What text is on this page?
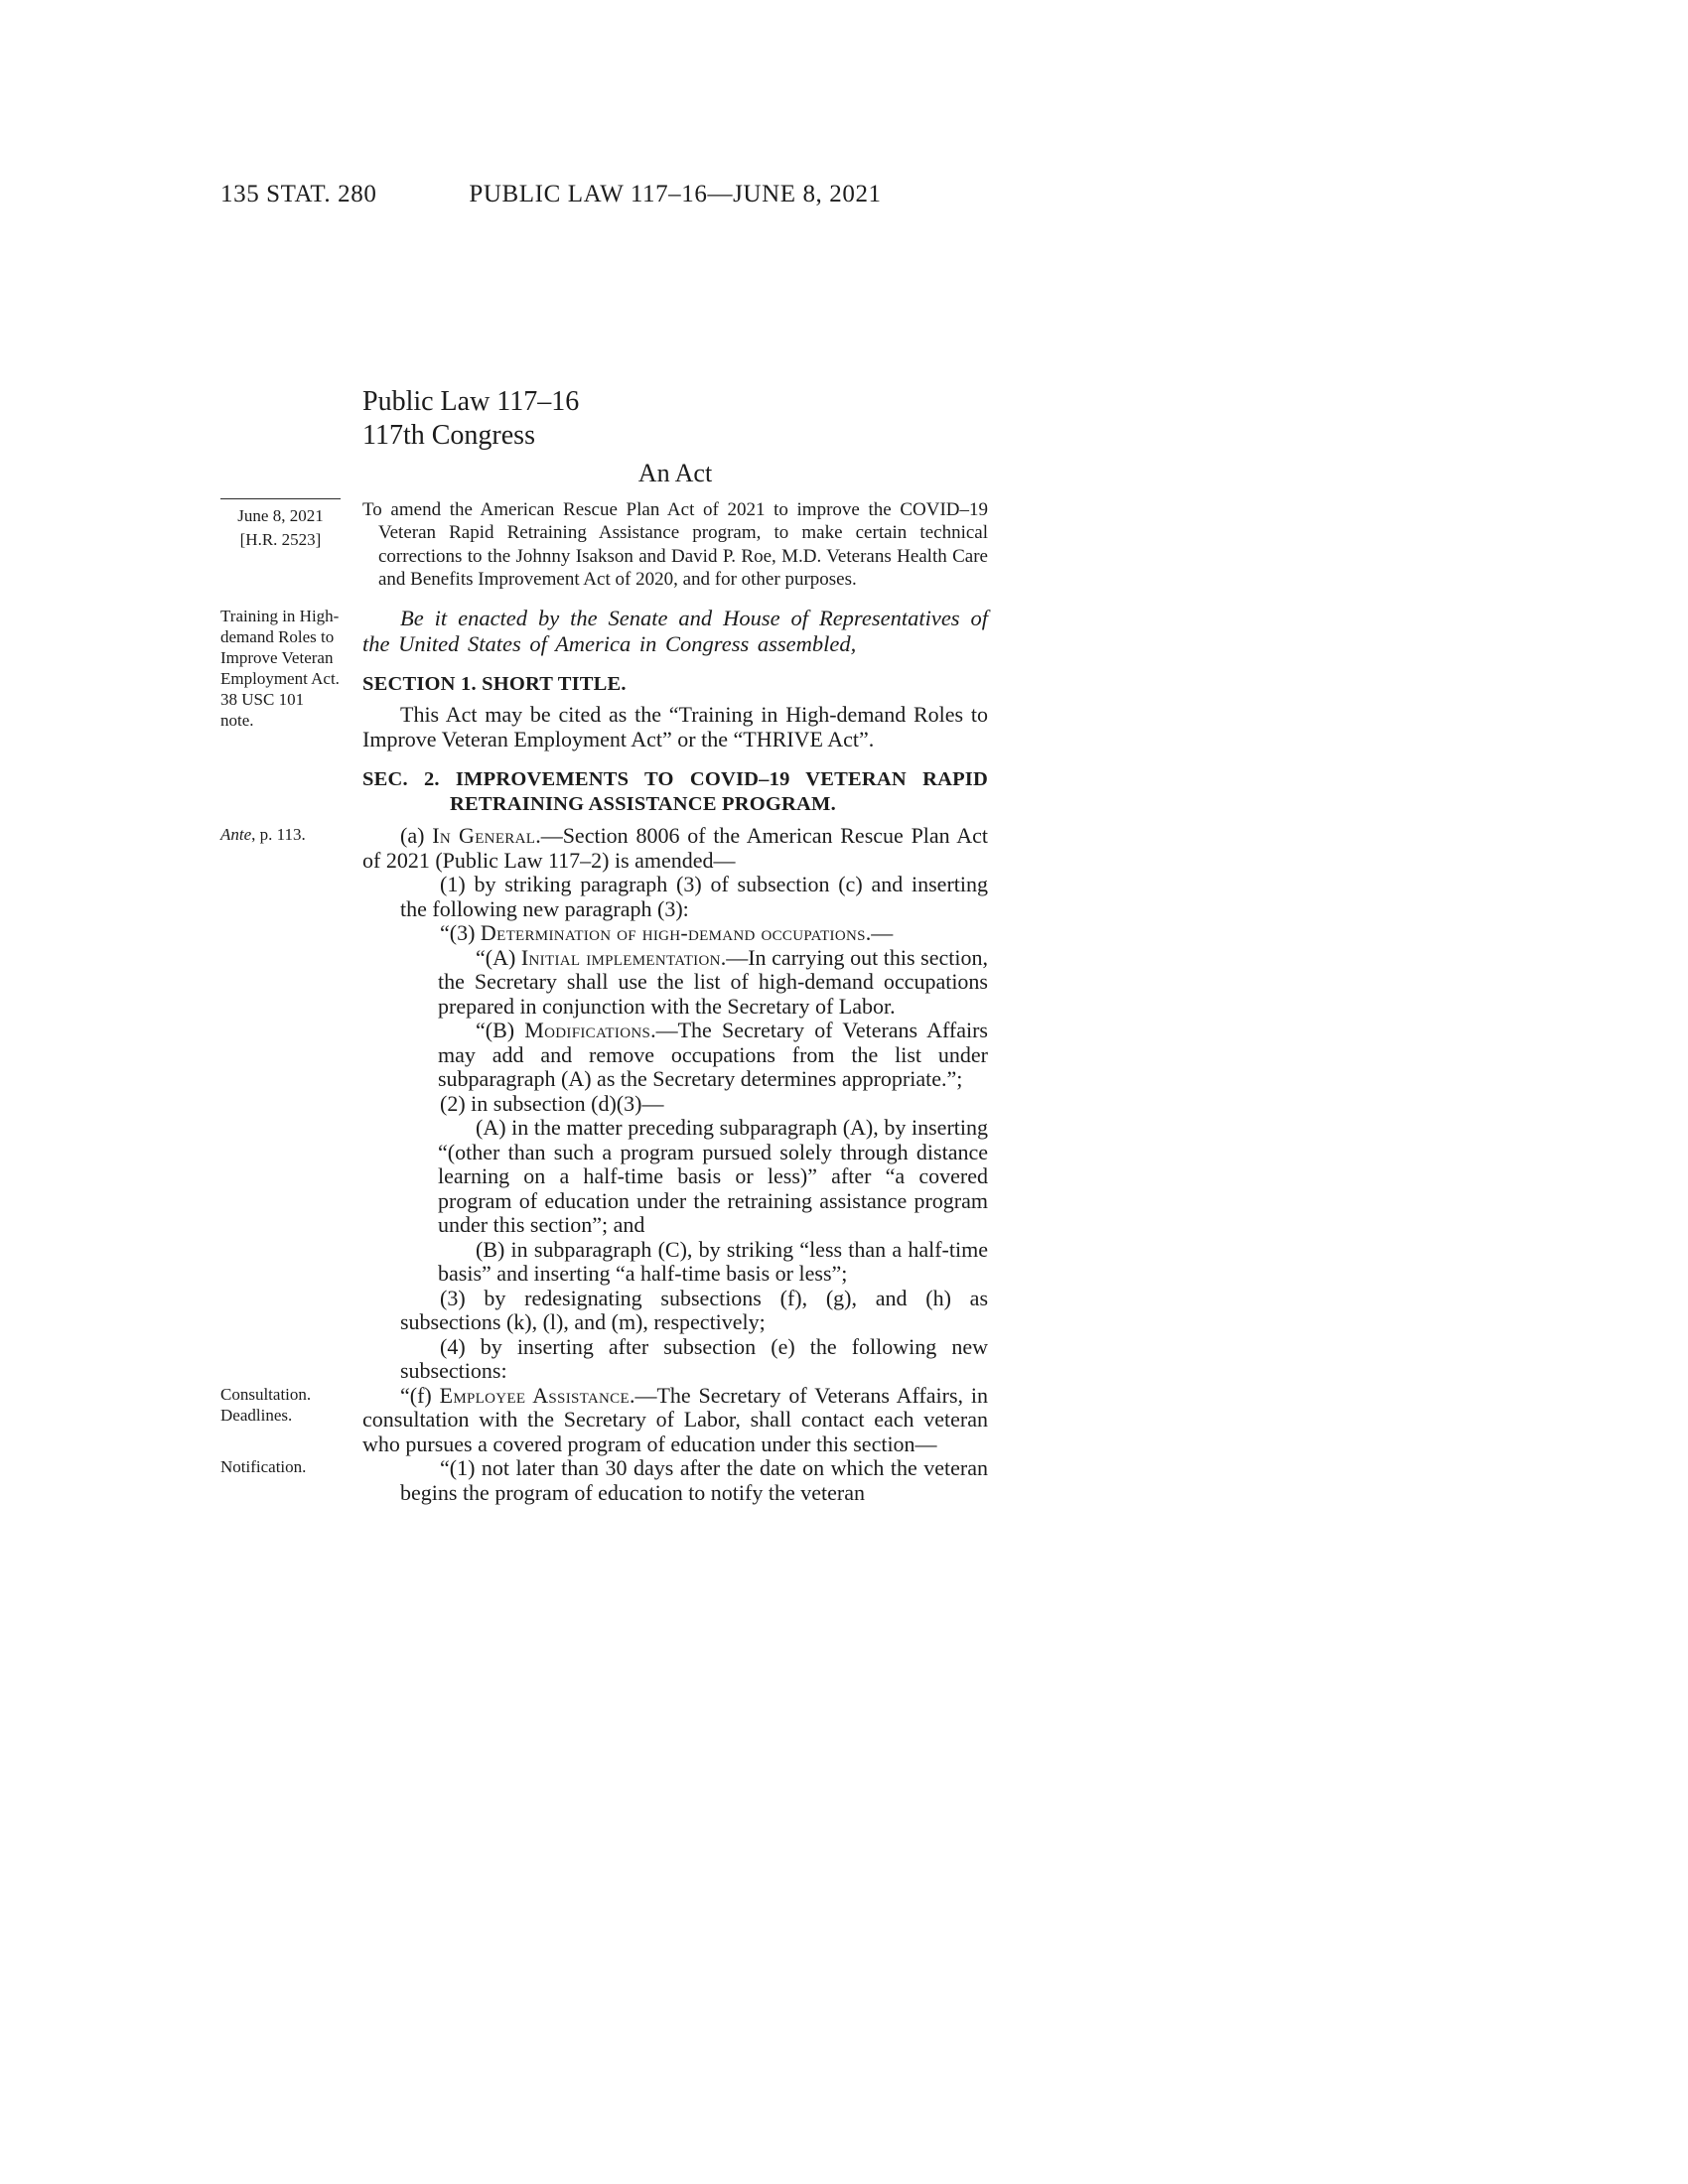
135 STAT. 280	PUBLIC LAW 117–16—JUNE 8, 2021
Public Law 117–16
117th Congress
An Act
June 8, 2021
[H.R. 2523]

To amend the American Rescue Plan Act of 2021 to improve the COVID–19 Veteran Rapid Retraining Assistance program, to make certain technical corrections to the Johnny Isakson and David P. Roe, M.D. Veterans Health Care and Benefits Improvement Act of 2020, and for other purposes.

Training in High-demand Roles to Improve Veteran Employment Act.
38 USC 101 note.

Be it enacted by the Senate and House of Representatives of the United States of America in Congress assembled,

SECTION 1. SHORT TITLE.

This Act may be cited as the “Training in High-demand Roles to Improve Veteran Employment Act” or the “THRIVE Act”.

SEC. 2. IMPROVEMENTS TO COVID–19 VETERAN RAPID RETRAINING ASSISTANCE PROGRAM.
Ante, p. 113.	(a) In General.—Section 8006 of the American Rescue Plan Act of 2021 (Public Law 117–2) is amended—

(1) by striking paragraph (3) of subsection (c) and inserting the following new paragraph (3):

“(3) Determination of high-demand occupations.—

“(A) Initial implementation.—In carrying out this section, the Secretary shall use the list of high-demand occupations prepared in conjunction with the Secretary of Labor.

“(B) Modifications.—The Secretary of Veterans Affairs may add and remove occupations from the list under subparagraph (A) as the Secretary determines appropriate.”;

(2) in subsection (d)(3)—

(A) in the matter preceding subparagraph (A), by inserting “(other than such a program pursued solely through distance learning on a half-time basis or less)” after “a covered program of education under the retraining assistance program under this section”; and

(B) in subparagraph (C), by striking “less than a half-time basis” and inserting “a half-time basis or less”;

(3) by redesignating subsections (f), (g), and (h) as subsections (k), (l), and (m), respectively;

(4) by inserting after subsection (e) the following new subsections:

Consultation.
Deadlines.

“(f) Employee Assistance.—The Secretary of Veterans Affairs, in consultation with the Secretary of Labor, shall contact each veteran who pursues a covered program of education under this section—

Notification.	“(1) not later than 30 days after the date on which the veteran begins the program of education to notify the veteran
